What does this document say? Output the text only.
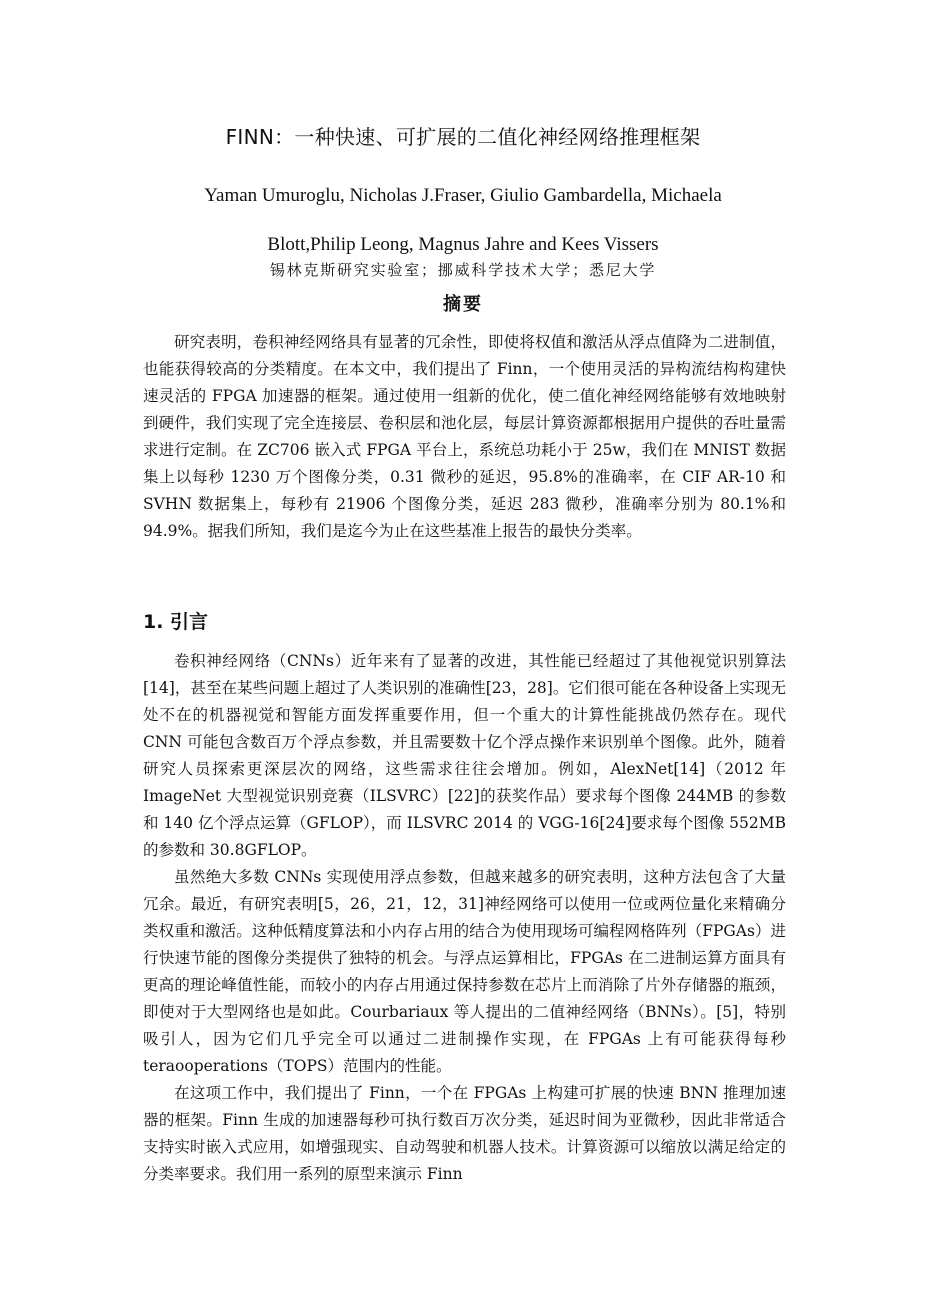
FINN：一种快速、可扩展的二值化神经网络推理框架
Yaman Umuroglu, Nicholas J.Fraser, Giulio Gambardella, Michaela
Blott,Philip Leong, Magnus Jahre and Kees Vissers
锡林克斯研究实验室；挪威科学技术大学；悉尼大学
摘要

研究表明，卷积神经网络具有显著的冗余性，即使将权值和激活从浮点值降为二进制值，也能获得较高的分类精度。在本文中，我们提出了 Finn，一个使用灵活的异构流结构构建快速灵活的 FPGA 加速器的框架。通过使用一组新的优化，使二值化神经网络能够有效地映射到硬件，我们实现了完全连接层、卷积层和池化层，每层计算资源都根据用户提供的吞吐量需求进行定制。在 ZC706 嵌入式 FPGA 平台上，系统总功耗小于 25w，我们在 MNIST 数据集上以每秒 1230 万个图像分类，0.31 微秒的延迟，95.8%的准确率，在 CIF AR-10 和 SVHN 数据集上，每秒有 21906 个图像分类，延迟 283 微秒，准确率分别为 80.1%和 94.9%。据我们所知，我们是迄今为止在这些基准上报告的最快分类率。

1. 引言

卷积神经网络（CNNs）近年来有了显著的改进，其性能已经超过了其他视觉识别算法[14]，甚至在某些问题上超过了人类识别的准确性[23，28]。它们很可能在各种设备上实现无处不在的机器视觉和智能方面发挥重要作用，但一个重大的计算性能挑战仍然存在。现代 CNN 可能包含数百万个浮点参数，并且需要数十亿个浮点操作来识别单个图像。此外，随着研究人员探索更深层次的网络，这些需求往往会增加。例如，AlexNet[14]（2012 年 ImageNet 大型视觉识别竞赛（ILSVRC）[22]的获奖作品）要求每个图像 244MB 的参数和 140 亿个浮点运算（GFLOP），而 ILSVRC 2014 的 VGG-16[24]要求每个图像 552MB 的参数和 30.8GFLOP。

虽然绝大多数 CNNs 实现使用浮点参数，但越来越多的研究表明，这种方法包含了大量冗余。最近，有研究表明[5，26，21，12，31]神经网络可以使用一位或两位量化来精确分类权重和激活。这种低精度算法和小内存占用的结合为使用现场可编程网格阵列（FPGAs）进行快速节能的图像分类提供了独特的机会。与浮点运算相比，FPGAs 在二进制运算方面具有更高的理论峰值性能，而较小的内存占用通过保持参数在芯片上而消除了片外存储器的瓶颈，即使对于大型网络也是如此。Courbariaux 等人提出的二值神经网络（BNNs）。[5]，特别吸引人，因为它们几乎完全可以通过二进制操作实现，在 FPGAs 上有可能获得每秒 teraooperations（TOPS）范围内的性能。

在这项工作中，我们提出了 Finn，一个在 FPGAs 上构建可扩展的快速 BNN 推理加速器的框架。Finn 生成的加速器每秒可执行数百万次分类，延迟时间为亚微秒，因此非常适合支持实时嵌入式应用，如增强现实、自动驾驶和机器人技术。计算资源可以缩放以满足给定的分类率要求。我们用一系列的原型来演示 Finn
